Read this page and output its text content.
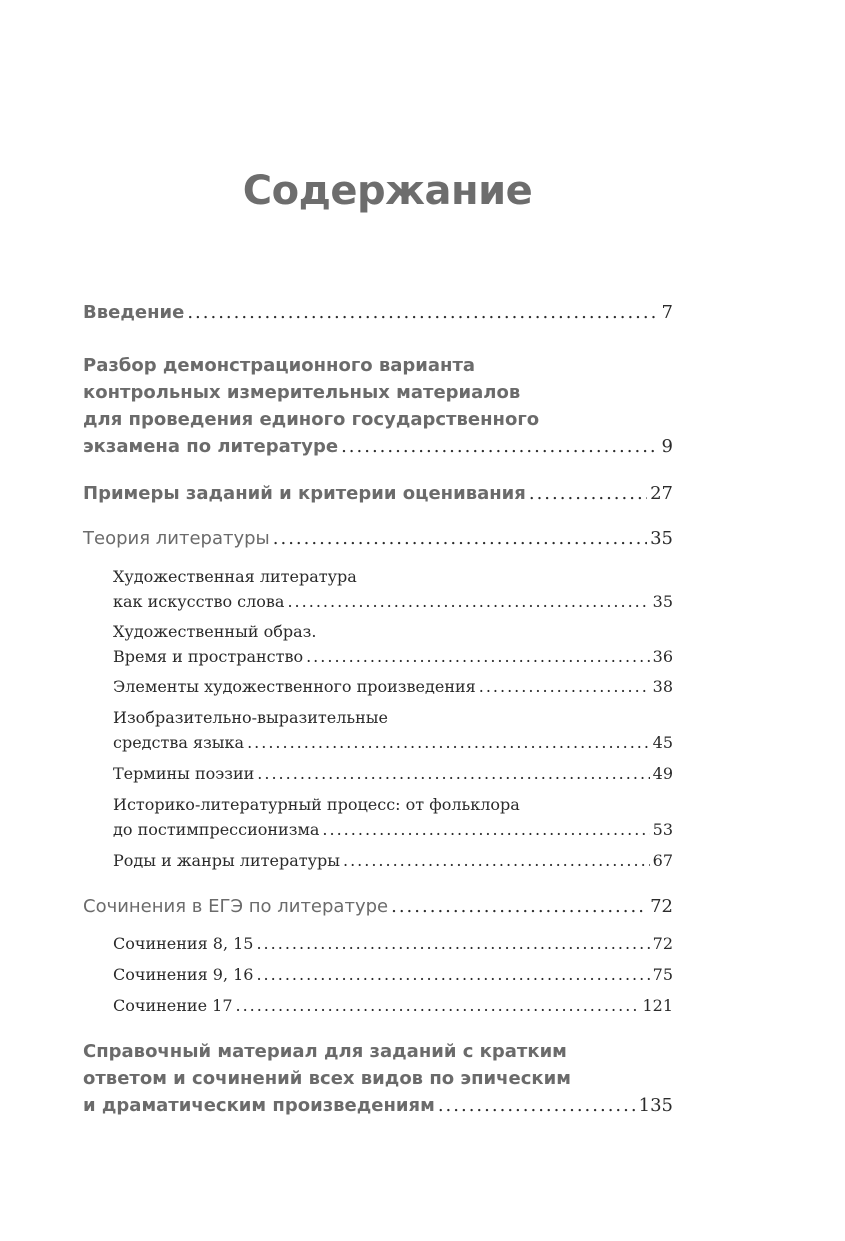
Содержание
Введение .....	7
Разбор демонстрационного варианта
контрольных измерительных материалов
для проведения единого государственного
экзамена по литературе .....	9
Примеры заданий и критерии оценивания .....	27
Теория литературы .....	35
Художественная литература
как искусство слова .....	35
Художественный образ.
Время и пространство .....	36
Элементы художественного произведения .....	38
Изобразительно-выразительные
средства языка .....	45
Термины поэзии .....	49
Историко-литературный процесс: от фольклора
до постимпрессионизма .....	53
Роды и жанры литературы .....	67
Сочинения в ЕГЭ по литературе .....	72
Сочинения 8, 15 .....	72
Сочинения 9, 16 .....	75
Сочинение 17 .....	121
Справочный материал для заданий с кратким
ответом и сочинений всех видов по эпическим
и драматическим произведениям .....	135
